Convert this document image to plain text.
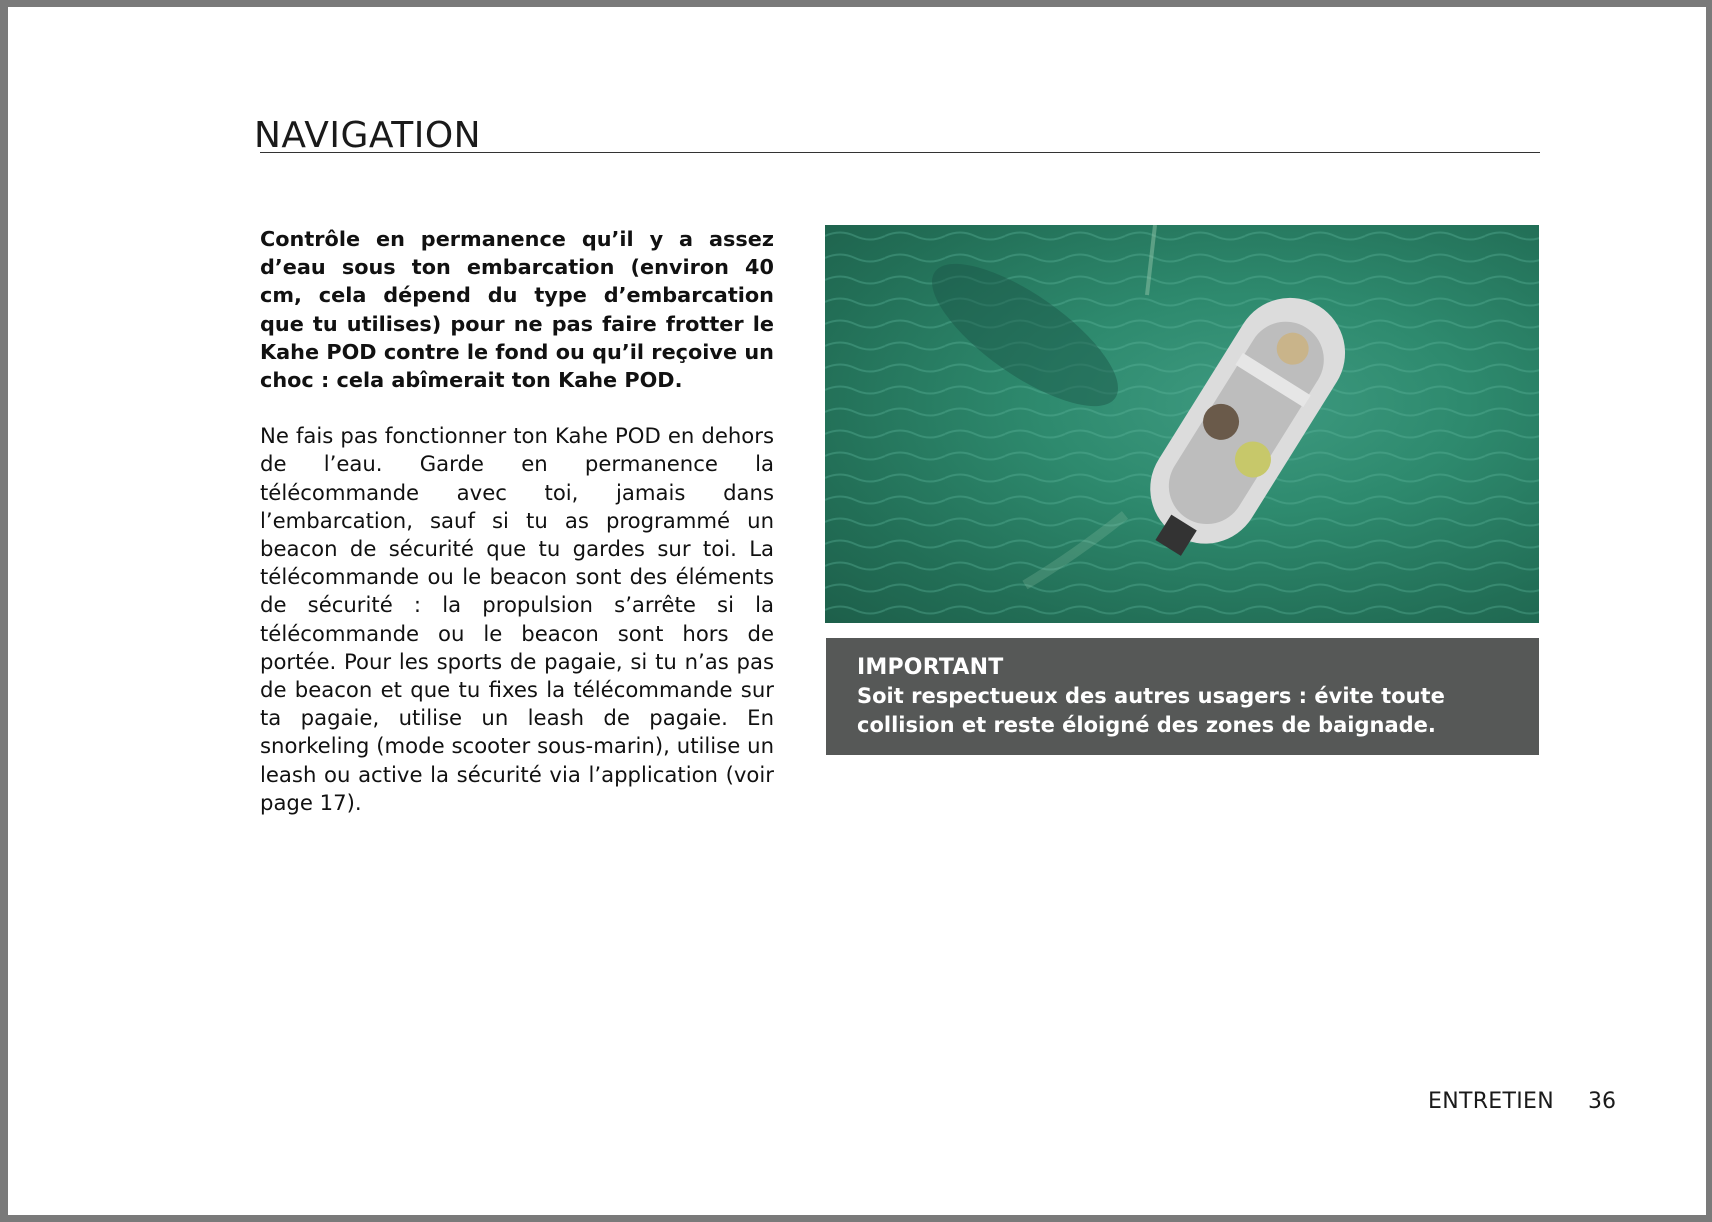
NAVIGATION

Contrôle en permanence qu’il y a assez d’eau sous ton embarcation (environ 40 cm, cela dépend du type d’embarcation que tu utilises) pour ne pas faire frotter le Kahe POD contre le fond ou qu’il reçoive un choc : cela abîmerait ton Kahe POD.

Ne fais pas fonctionner ton Kahe POD en dehors de l’eau. Garde en permanence la télécommande avec toi, jamais dans l’embarcation, sauf si tu as programmé un beacon de sécurité que tu gardes sur toi. La télécommande ou le beacon sont des éléments de sécurité : la propulsion s’arrête si la télécommande ou le beacon sont hors de portée. Pour les sports de pagaie, si tu n’as pas de beacon et que tu fixes la télécommande sur ta pagaie, utilise un leash de pagaie. En snorkeling (mode scooter sous-marin), utilise un leash ou active la sécurité via l’application (voir page 17).

IMPORTANT
Soit respectueux des autres usagers : évite toute collision et reste éloigné des zones de baignade.
ENTRETIEN 36
